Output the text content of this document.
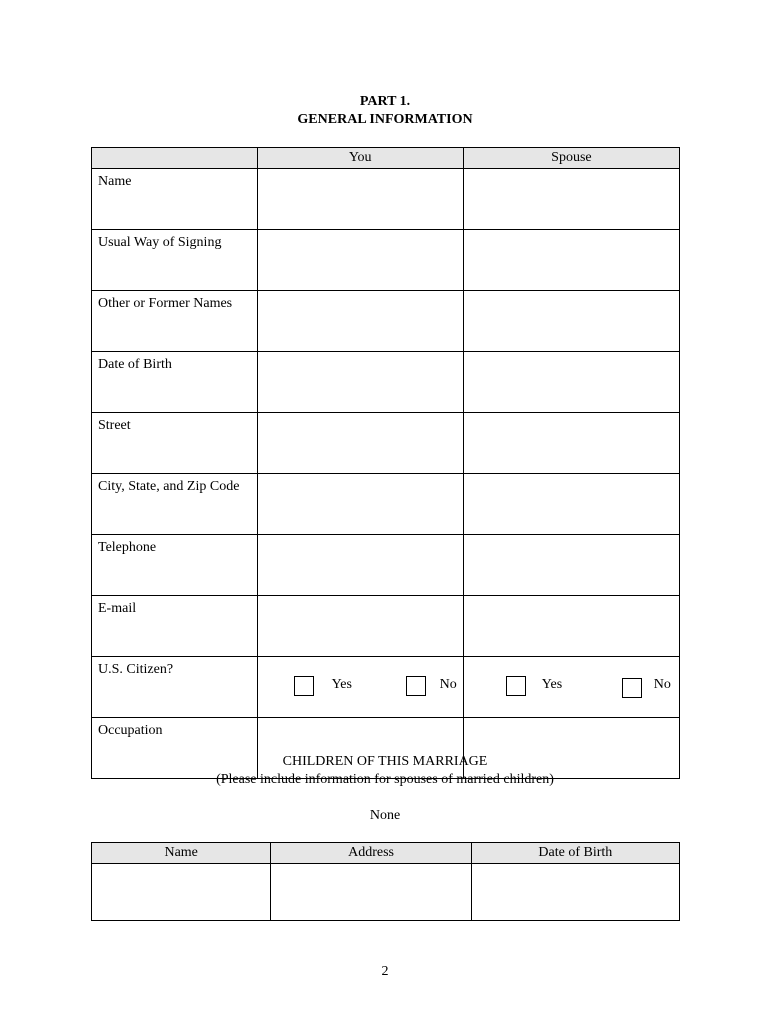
PART 1.
GENERAL INFORMATION
	You	Spouse
Name		
Usual Way of Signing		
Other or Former Names		
Date of Birth		
Street		
City, State, and Zip Code		
Telephone		
E-mail		
U.S. Citizen?	Yes No	Yes No

Occupation		
CHILDREN OF THIS MARRIAGE
(Please include information for spouses of married children)
None
Name	Address	Date of Birth

2
